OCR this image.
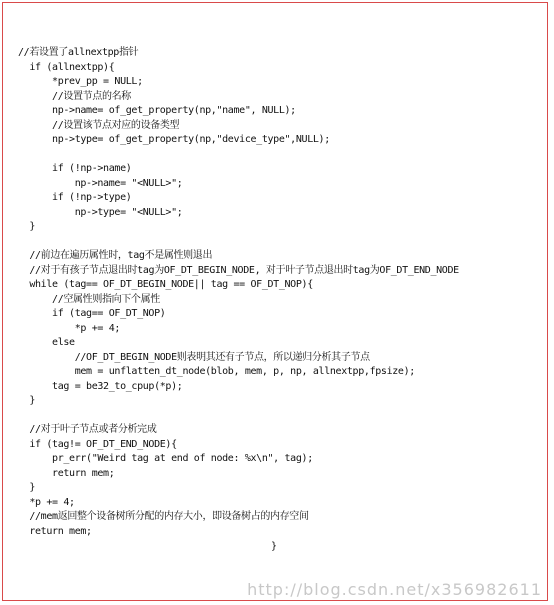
//若设置了allnextpp指针
if (allnextpp){
*prev_pp = NULL;
//设置节点的名称
np->name= of_get_property(np,"name", NULL);
//设置该节点对应的设备类型
np->type= of_get_property(np,"device_type",NULL);

if (!np->name)
np->name= "<NULL>";
if (!np->type)
np->type= "<NULL>";
}

//前边在遍历属性时，tag不是属性则退出
//对于有孩子节点退出时tag为OF_DT_BEGIN_NODE, 对于叶子节点退出时tag为OF_DT_END_NODE
while (tag== OF_DT_BEGIN_NODE|| tag == OF_DT_NOP){
//空属性则指向下个属性
if (tag== OF_DT_NOP)
*p += 4;
else
//OF_DT_BEGIN_NODE则表明其还有子节点，所以递归分析其子节点
mem = unflatten_dt_node(blob, mem, p, np, allnextpp,fpsize);
tag = be32_to_cpup(*p);
}

//对于叶子节点或者分析完成
if (tag!= OF_DT_END_NODE){
pr_err("Weird tag at end of node: %x\n", tag);
return mem;
}
*p += 4;
//mem返回整个设备树所分配的内存大小，即设备树占的内存空间
return mem;
}
http://blog.csdn.net/x356982611
